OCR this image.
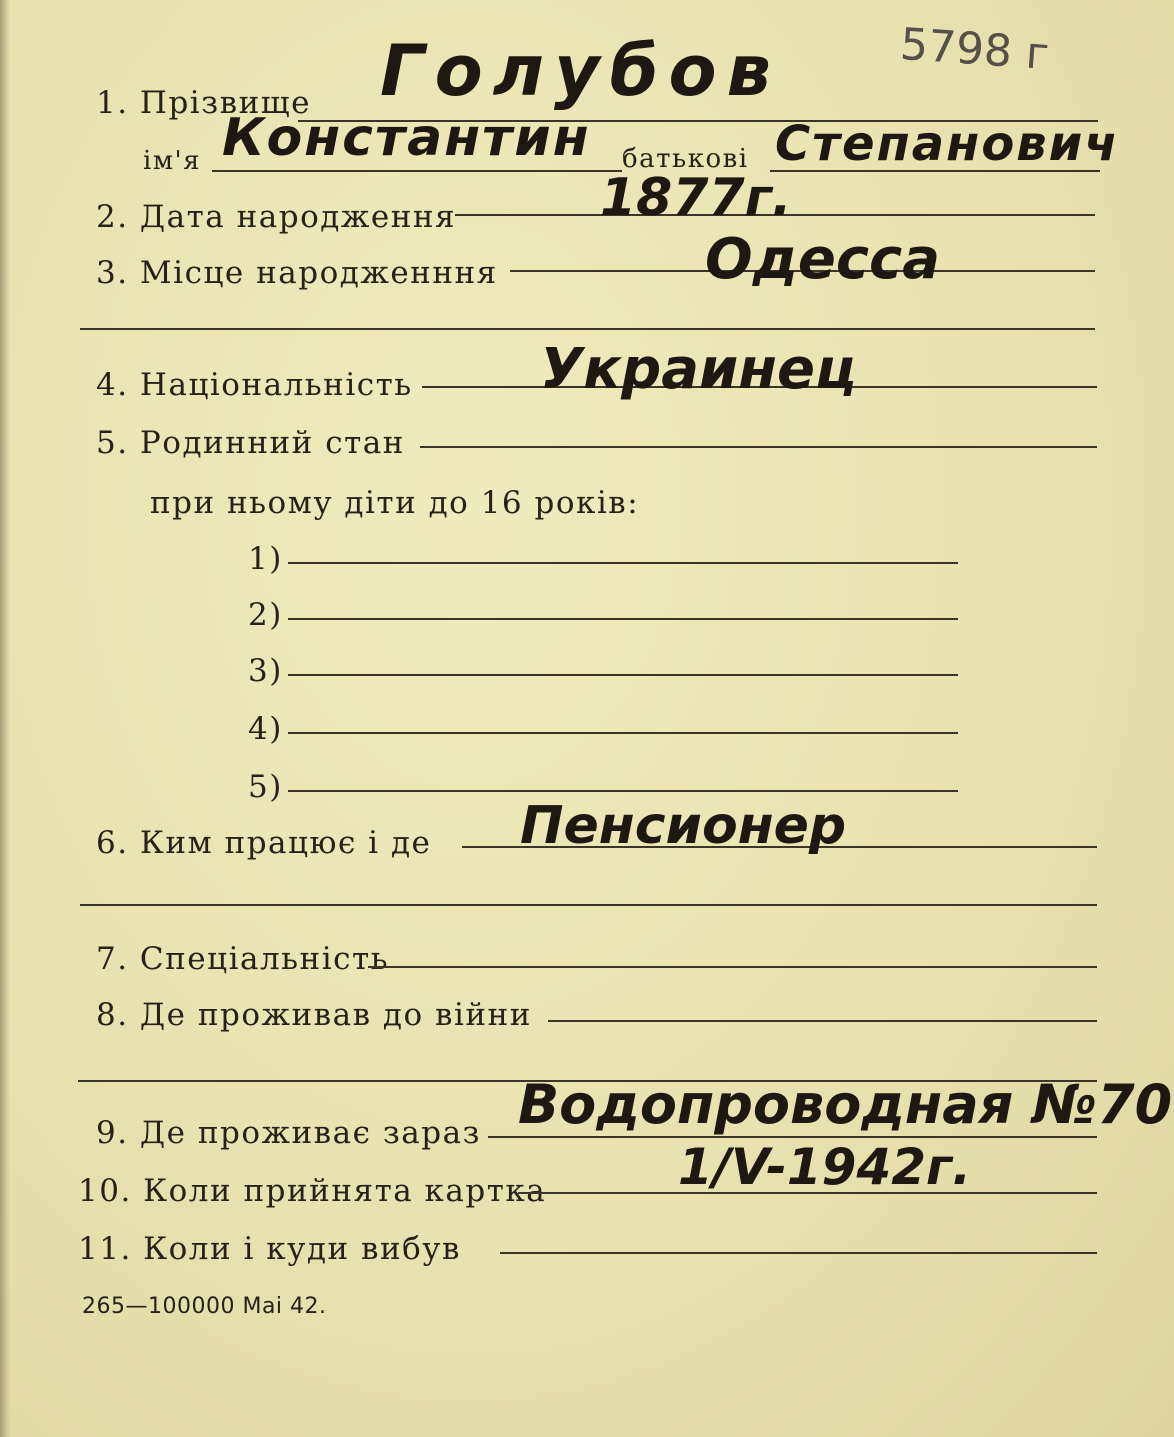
5798 г
1. Прізвище Голубов
ім'я Константин батькові Степанович
2. Дата народження	1877г.
3. Місце народженння	Одесса
4. Національність Украинец
5. Родинний стан
при ньому діти до 16 років:
1)
2)
3)
4)
5)
6. Ким працює і де Пенсионер
7. Спеціальність
8. Де проживав до війни
9. Де проживає зараз Водопроводная №70
10. Коли прийнята картка	1/V-1942г.
11. Коли і куди вибув
265—100000 Mai 42.
